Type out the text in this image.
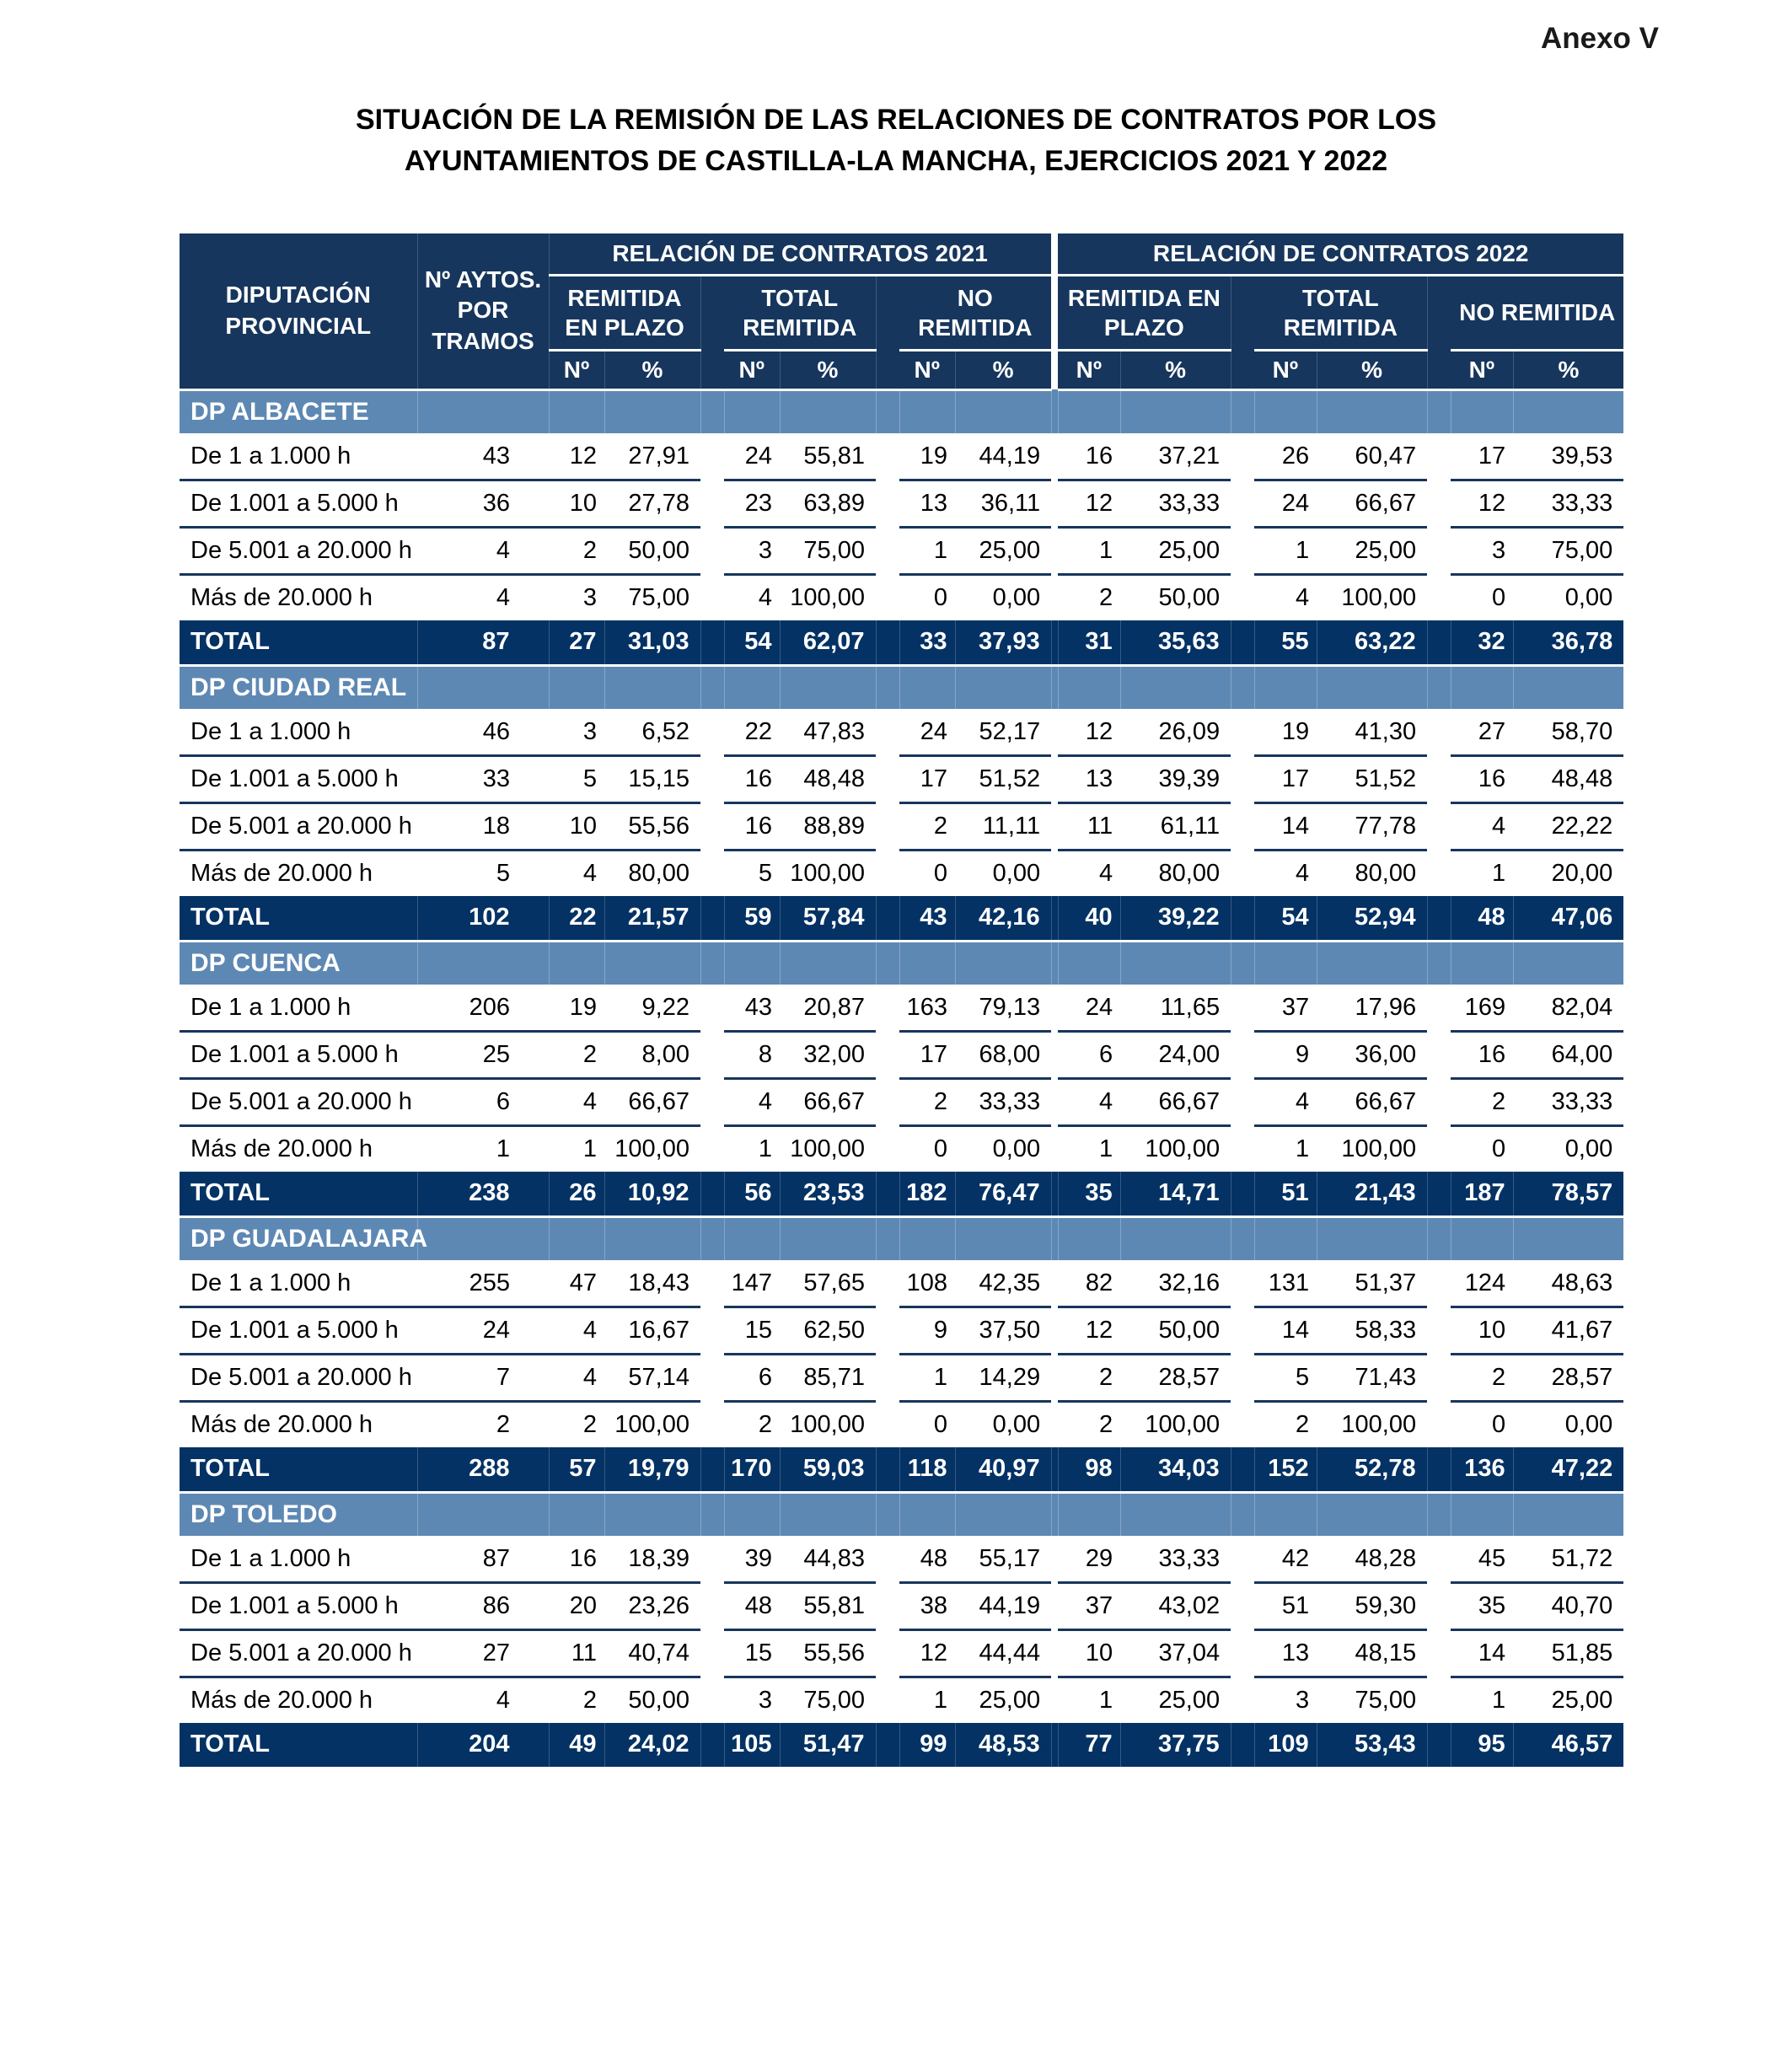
Anexo V
SITUACIÓN DE LA REMISIÓN DE LAS RELACIONES DE CONTRATOS POR LOS AYUNTAMIENTOS DE CASTILLA-LA MANCHA, EJERCICIOS 2021 Y 2022
DIPUTACIÓN PROVINCIAL	Nº AYTOS. POR TRAMOS	RELACIÓN DE CONTRATOS 2021									RELACIÓN DE CONTRATOS 2022							
		REMITIDA EN PLAZO			TOTAL REMITIDA			NO REMITIDA			REMITIDA EN PLAZO			TOTAL REMITIDA			NO REMITIDA	
		Nº	%		Nº	%		Nº	%		Nº	%		Nº	%		Nº	%
DP ALBACETE																		
De 1 a 1.000 h	43	12	27,91		24	55,81		19	44,19		16	37,21		26	60,47		17	39,53
De 1.001 a 5.000 h	36	10	27,78		23	63,89		13	36,11		12	33,33		24	66,67		12	33,33
De 5.001 a 20.000 h	4	2	50,00		3	75,00		1	25,00		1	25,00		1	25,00		3	75,00
Más de 20.000 h	4	3	75,00		4	100,00		0	0,00		2	50,00		4	100,00		0	0,00
TOTAL	87	27	31,03		54	62,07		33	37,93		31	35,63		55	63,22		32	36,78
DP CIUDAD REAL																		
De 1 a 1.000 h	46	3	6,52		22	47,83		24	52,17		12	26,09		19	41,30		27	58,70
De 1.001 a 5.000 h	33	5	15,15		16	48,48		17	51,52		13	39,39		17	51,52		16	48,48
De 5.001 a 20.000 h	18	10	55,56		16	88,89		2	11,11		11	61,11		14	77,78		4	22,22
Más de 20.000 h	5	4	80,00		5	100,00		0	0,00		4	80,00		4	80,00		1	20,00
TOTAL	102	22	21,57		59	57,84		43	42,16		40	39,22		54	52,94		48	47,06
DP CUENCA																		
De 1 a 1.000 h	206	19	9,22		43	20,87		163	79,13		24	11,65		37	17,96		169	82,04
De 1.001 a 5.000 h	25	2	8,00		8	32,00		17	68,00		6	24,00		9	36,00		16	64,00
De 5.001 a 20.000 h	6	4	66,67		4	66,67		2	33,33		4	66,67		4	66,67		2	33,33
Más de 20.000 h	1	1	100,00		1	100,00		0	0,00		1	100,00		1	100,00		0	0,00
TOTAL	238	26	10,92		56	23,53		182	76,47		35	14,71		51	21,43		187	78,57
DP GUADALAJARA																		
De 1 a 1.000 h	255	47	18,43		147	57,65		108	42,35		82	32,16		131	51,37		124	48,63
De 1.001 a 5.000 h	24	4	16,67		15	62,50		9	37,50		12	50,00		14	58,33		10	41,67
De 5.001 a 20.000 h	7	4	57,14		6	85,71		1	14,29		2	28,57		5	71,43		2	28,57
Más de 20.000 h	2	2	100,00		2	100,00		0	0,00		2	100,00		2	100,00		0	0,00
TOTAL	288	57	19,79		170	59,03		118	40,97		98	34,03		152	52,78		136	47,22
DP TOLEDO																		
De 1 a 1.000 h	87	16	18,39		39	44,83		48	55,17		29	33,33		42	48,28		45	51,72
De 1.001 a 5.000 h	86	20	23,26		48	55,81		38	44,19		37	43,02		51	59,30		35	40,70
De 5.001 a 20.000 h	27	11	40,74		15	55,56		12	44,44		10	37,04		13	48,15		14	51,85
Más de 20.000 h	4	2	50,00		3	75,00		1	25,00		1	25,00		3	75,00		1	25,00
TOTAL	204	49	24,02		105	51,47		99	48,53		77	37,75		109	53,43		95	46,57
